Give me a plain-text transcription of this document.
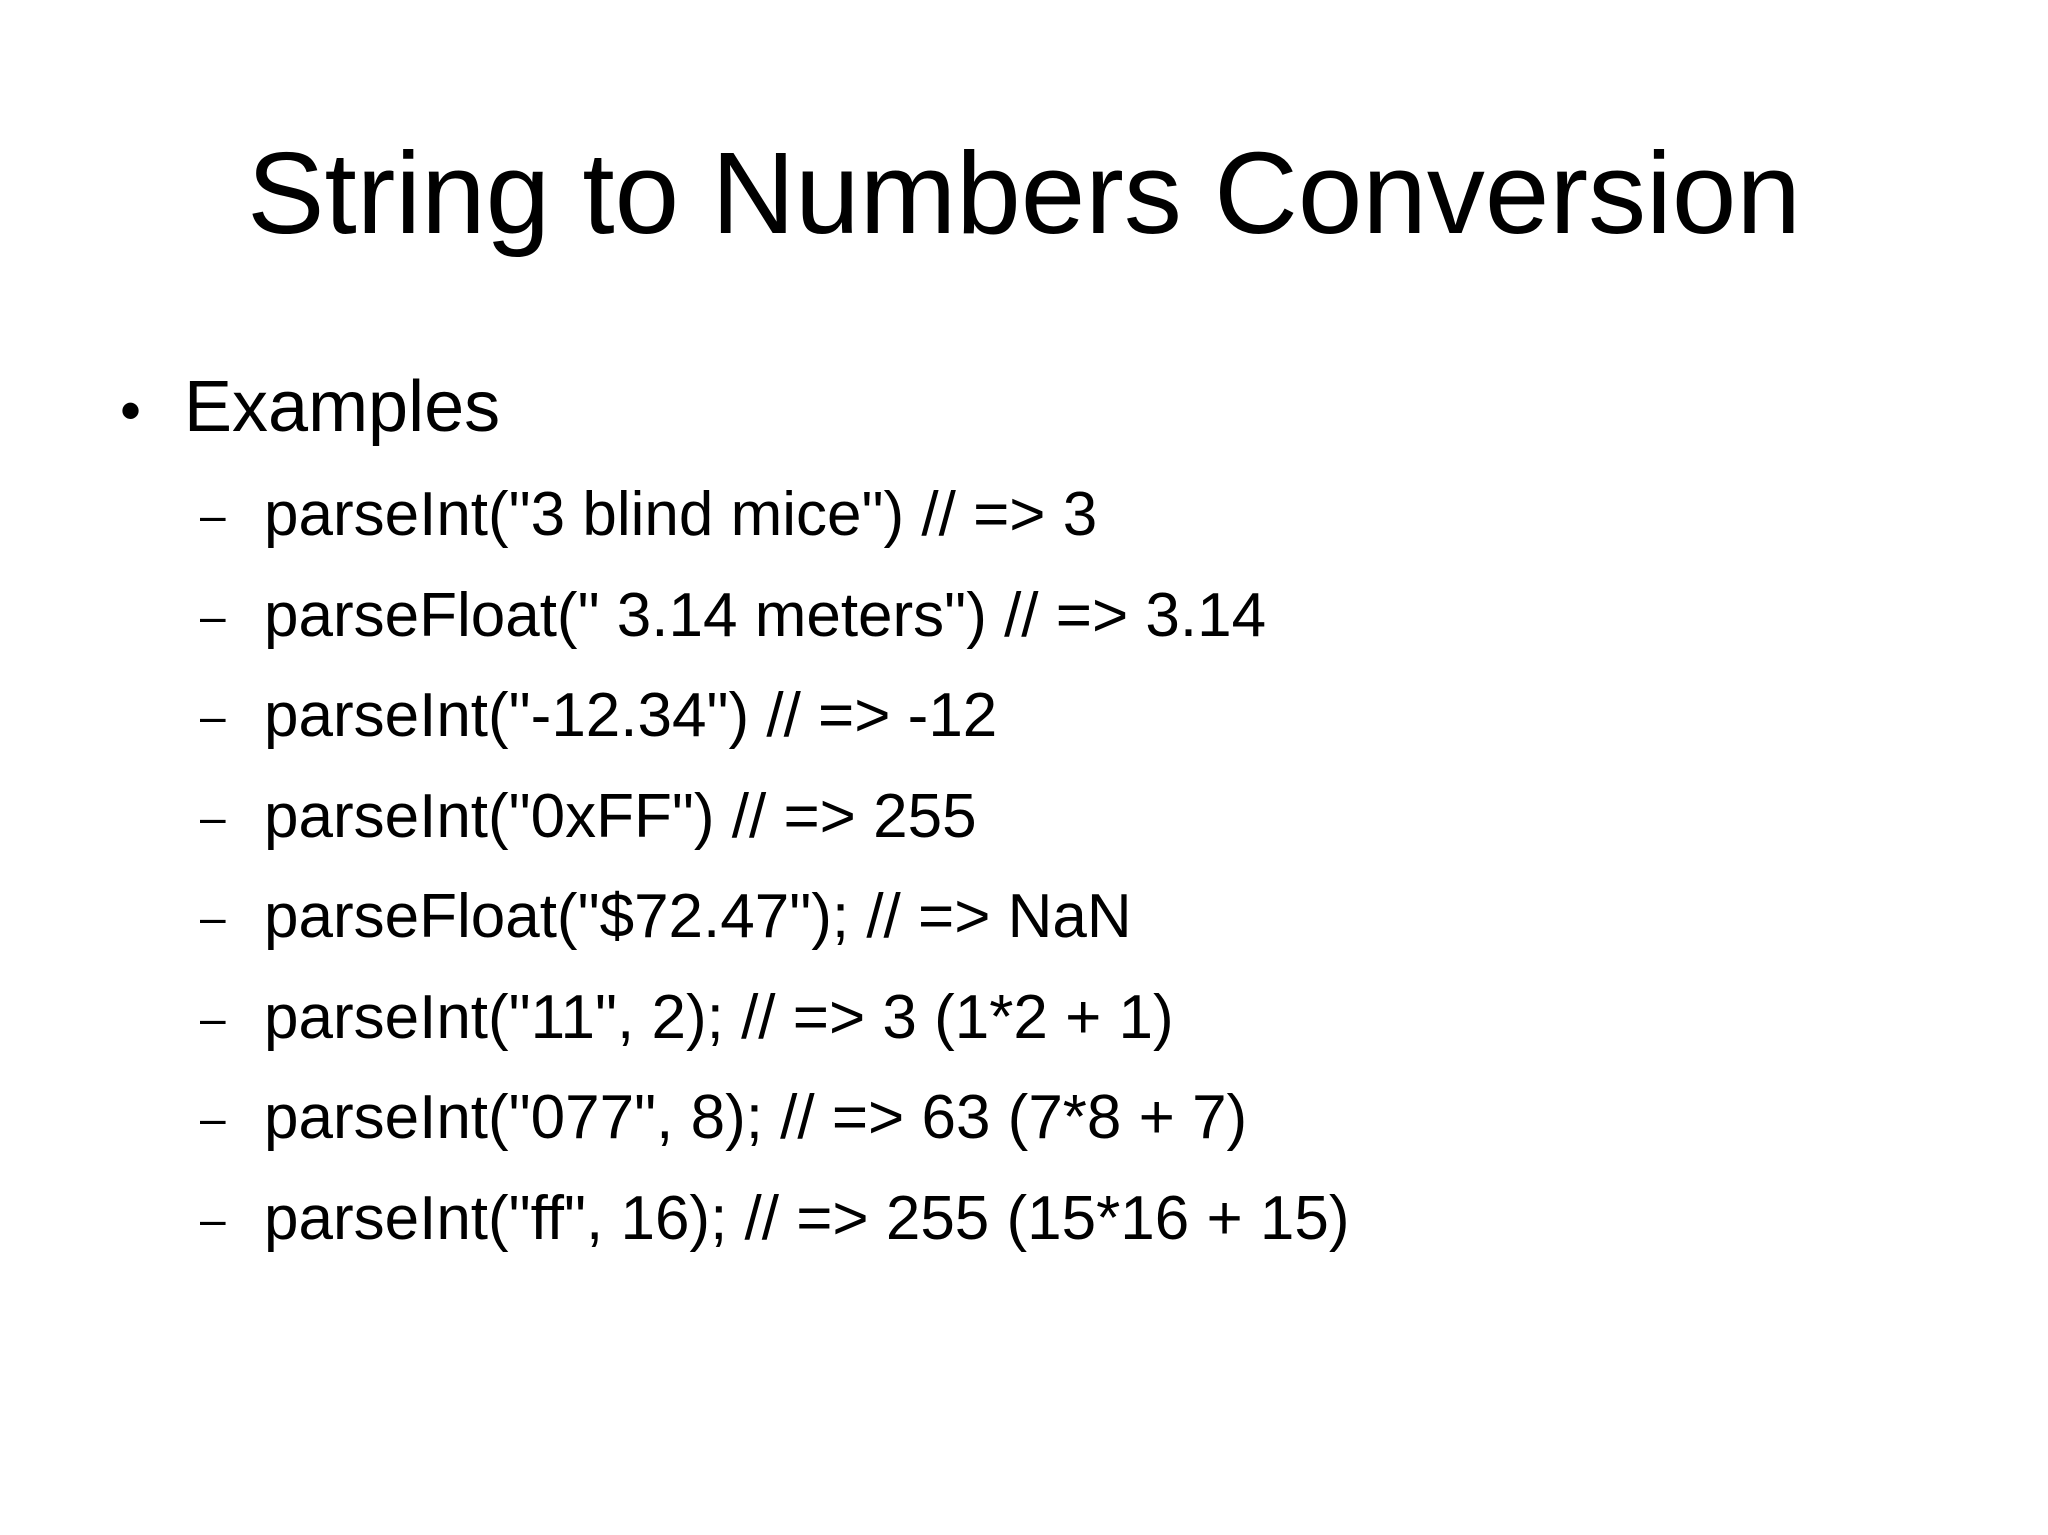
String to Numbers Conversion
• Examples
– parseInt("3 blind mice") // => 3
– parseFloat(" 3.14 meters") // => 3.14
– parseInt("-12.34") // => -12
– parseInt("0xFF") // => 255
– parseFloat("$72.47"); // => NaN
– parseInt("11", 2); // => 3 (1*2 + 1)
– parseInt("077", 8); // => 63 (7*8 + 7)
– parseInt("ff", 16); // => 255 (15*16 + 15)
